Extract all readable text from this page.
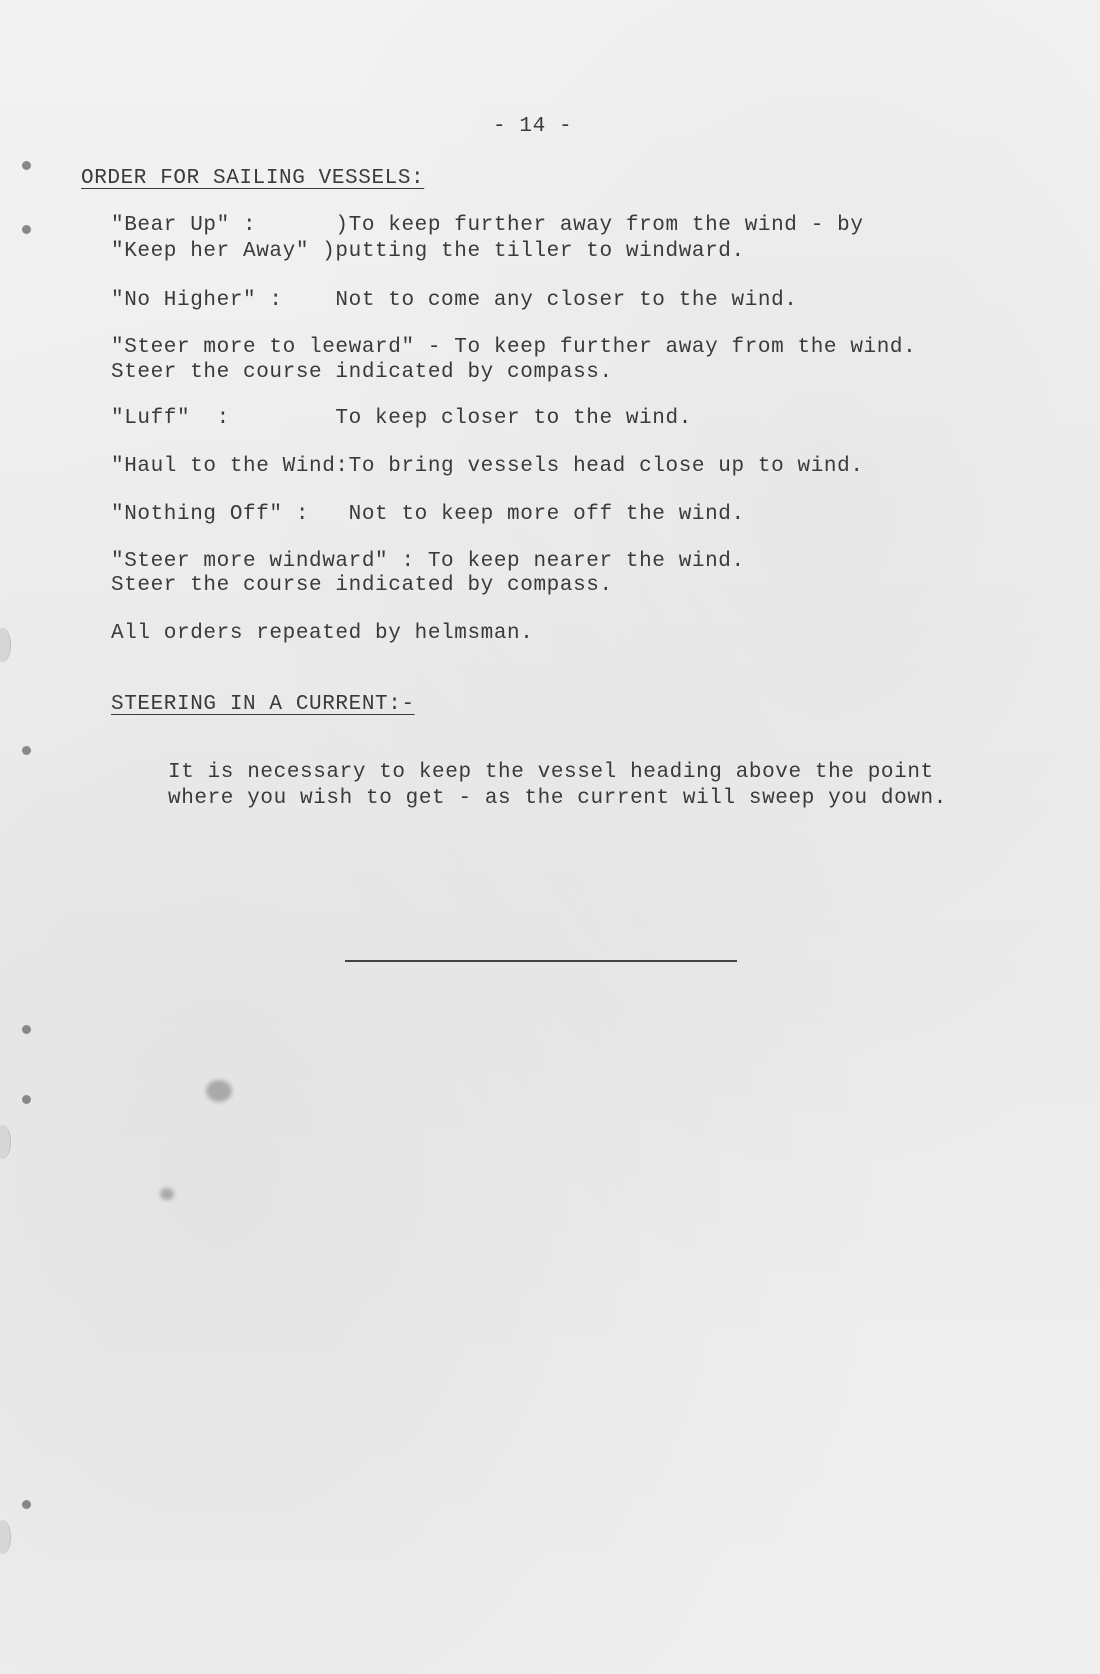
- 14 -
ORDER FOR SAILING VESSELS:
"Bear Up" :      )To keep further away from the wind - by
"Keep her Away" )putting the tiller to windward.
"No Higher" :    Not to come any closer to the wind.
"Steer more to leeward" - To keep further away from the wind.
Steer the course indicated by compass.
"Luff"  :        To keep closer to the wind.
"Haul to the Wind:To bring vessels head close up to wind.
"Nothing Off" :   Not to keep more off the wind.
"Steer more windward" : To keep nearer the wind.
Steer the course indicated by compass.
All orders repeated by helmsman.
STEERING IN A CURRENT:-
It is necessary to keep the vessel heading above the point
where you wish to get - as the current will sweep you down.
